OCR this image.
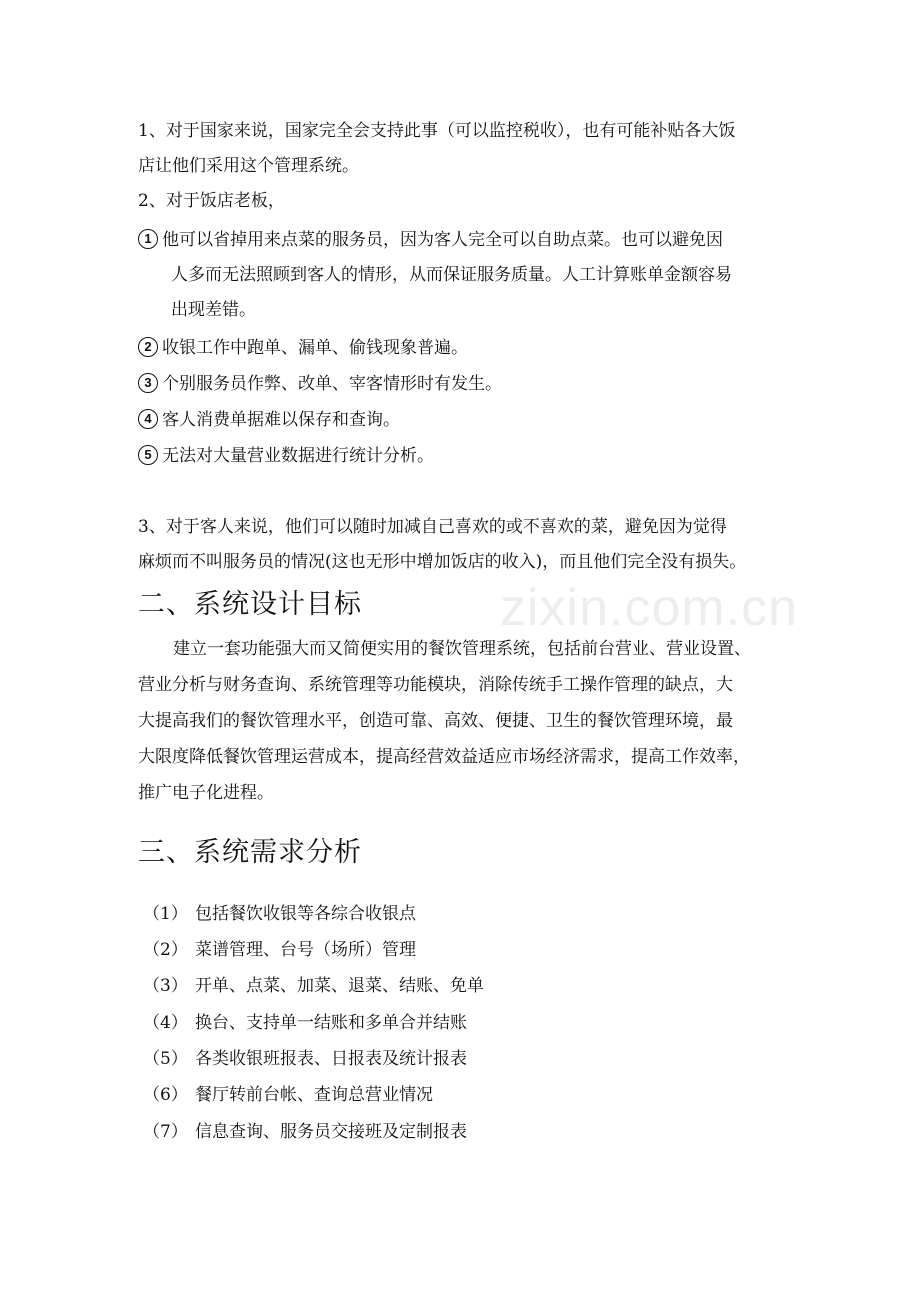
zixin.com.cn
1、对于国家来说，国家完全会支持此事（可以监控税收），也有可能补贴各大饭
店让他们采用这个管理系统。
2、对于饭店老板，
1 他可以省掉用来点菜的服务员，因为客人完全可以自助点菜。也可以避免因
人多而无法照顾到客人的情形，从而保证服务质量。人工计算账单金额容易
出现差错。
2 收银工作中跑单、漏单、偷钱现象普遍。
3 个别服务员作弊、改单、宰客情形时有发生。
4 客人消费单据难以保存和查询。
5 无法对大量营业数据进行统计分析。
3、对于客人来说，他们可以随时加减自己喜欢的或不喜欢的菜，避免因为觉得
麻烦而不叫服务员的情况(这也无形中增加饭店的收入)，而且他们完全没有损失。
二、系统设计目标
建立一套功能强大而又简便实用的餐饮管理系统，包括前台营业、营业设置、
营业分析与财务查询、系统管理等功能模块，消除传统手工操作管理的缺点，大
大提高我们的餐饮管理水平，创造可靠、高效、便捷、卫生的餐饮管理环境，最
大限度降低餐饮管理运营成本，提高经营效益适应市场经济需求，提高工作效率，
推广电子化进程。
三、系统需求分析
（1） 包括餐饮收银等各综合收银点
（2） 菜谱管理、台号（场所）管理
（3） 开单、点菜、加菜、退菜、结账、免单
（4） 换台、支持单一结账和多单合并结账
（5） 各类收银班报表、日报表及统计报表
（6） 餐厅转前台帐、查询总营业情况
（7） 信息查询、服务员交接班及定制报表
